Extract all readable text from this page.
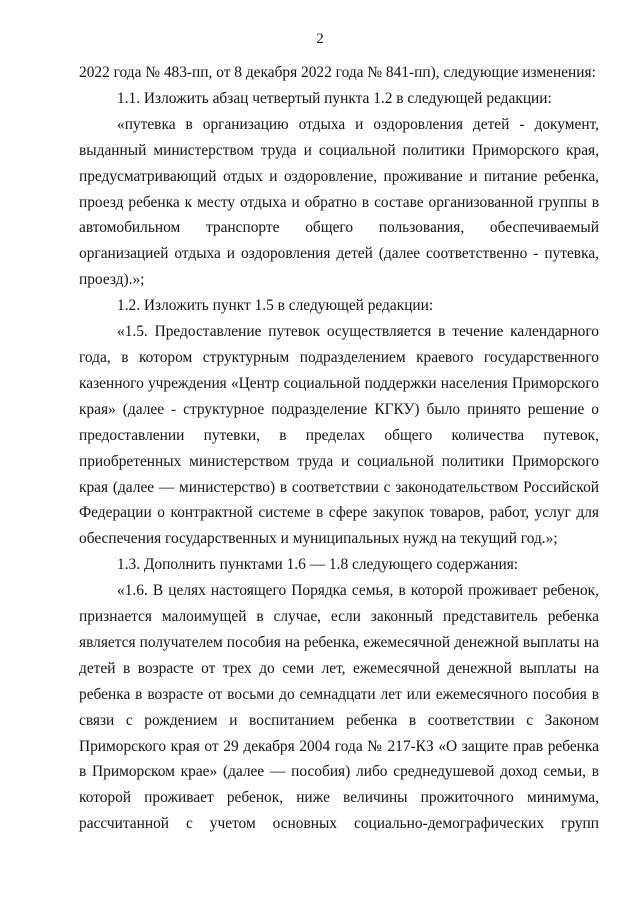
2

2022 года № 483-пп, от 8 декабря 2022 года № 841-пп), следующие изменения:

1.1. Изложить абзац четвертый пункта 1.2 в следующей редакции:

«путевка в организацию отдыха и оздоровления детей - документ, выданный министерством труда и социальной политики Приморского края, предусматривающий отдых и оздоровление, проживание и питание ребенка, проезд ребенка к месту отдыха и обратно в составе организованной группы в автомобильном транспорте общего пользования, обеспечиваемый организацией отдыха и оздоровления детей (далее соответственно - путевка, проезд).»;

1.2. Изложить пункт 1.5 в следующей редакции:

«1.5. Предоставление путевок осуществляется в течение календарного года, в котором структурным подразделением краевого государственного казенного учреждения «Центр социальной поддержки населения Приморского края» (далее - структурное подразделение КГКУ) было принято решение о предоставлении путевки, в пределах общего количества путевок, приобретенных министерством труда и социальной политики Приморского края (далее — министерство) в соответствии с законодательством Российской Федерации о контрактной системе в сфере закупок товаров, работ, услуг для обеспечения государственных и муниципальных нужд на текущий год.»;

1.3. Дополнить пунктами 1.6 — 1.8 следующего содержания:

«1.6. В целях настоящего Порядка семья, в которой проживает ребенок, признается малоимущей в случае, если законный представитель ребенка является получателем пособия на ребенка, ежемесячной денежной выплаты на детей в возрасте от трех до семи лет, ежемесячной денежной выплаты на ребенка в возрасте от восьми до семнадцати лет или ежемесячного пособия в связи с рождением и воспитанием ребенка в соответствии с Законом Приморского края от 29 декабря 2004 года № 217-КЗ «О защите прав ребенка в Приморском крае» (далее — пособия) либо среднедушевой доход семьи, в которой проживает ребенок, ниже величины прожиточного минимума, рассчитанной с учетом основных социально-демографических групп
